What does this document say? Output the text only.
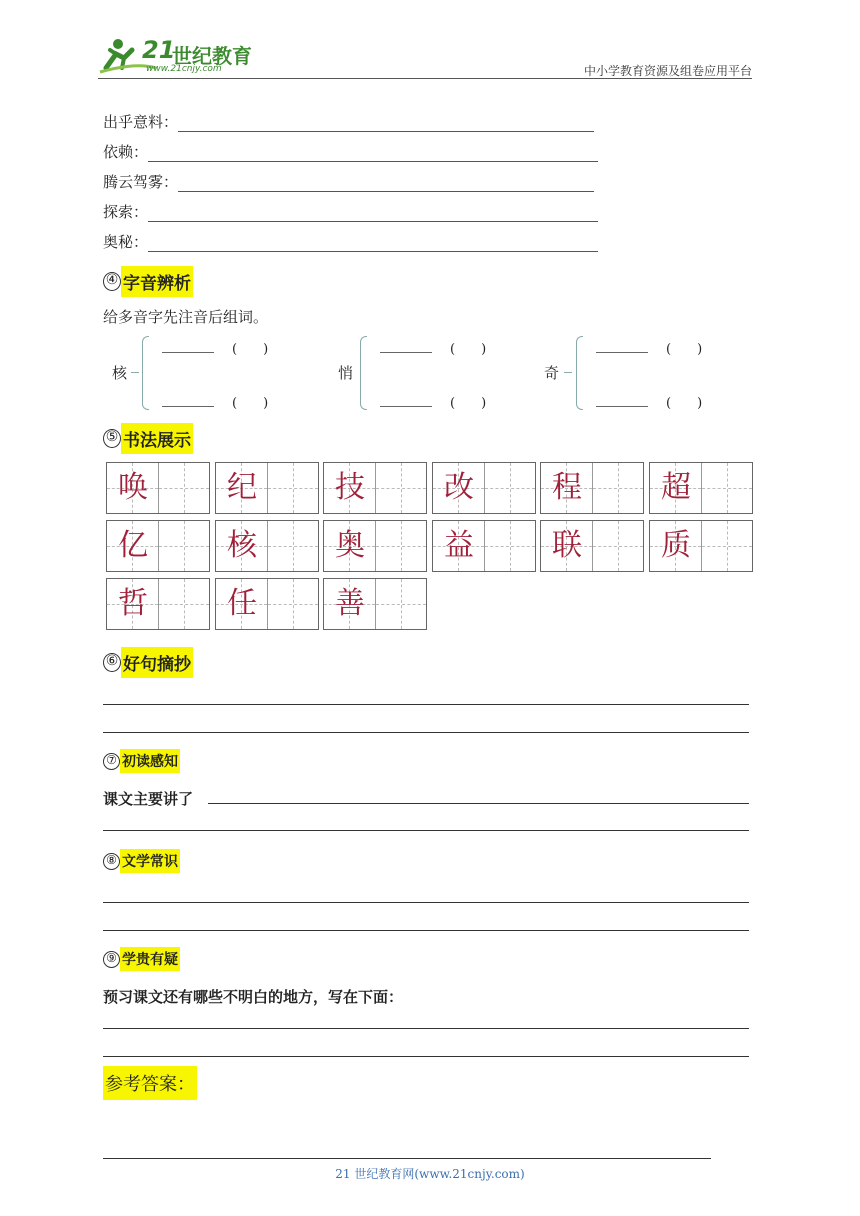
21
世纪教育
www.21cnjy.com	中小学教育资源及组卷应用平台
出乎意料：
依赖：
腾云驾雾：
探索：
奥秘：
④ 字音辨析
给多音字先注音后组词。
核
(　　)
(　　)
悄
(　　)
(　　)
奇
(　　)
(　　)
⑤ 书法展示
唤	纪	技	改	程	超
亿	核	奥	益	联	质
哲	任	善
⑥ 好句摘抄
⑦ 初读感知
课文主要讲了
⑧ 文学常识
⑨ 学贵有疑
预习课文还有哪些不明白的地方，写在下面：
参考答案：
21 世纪教育网(www.21cnjy.com)
